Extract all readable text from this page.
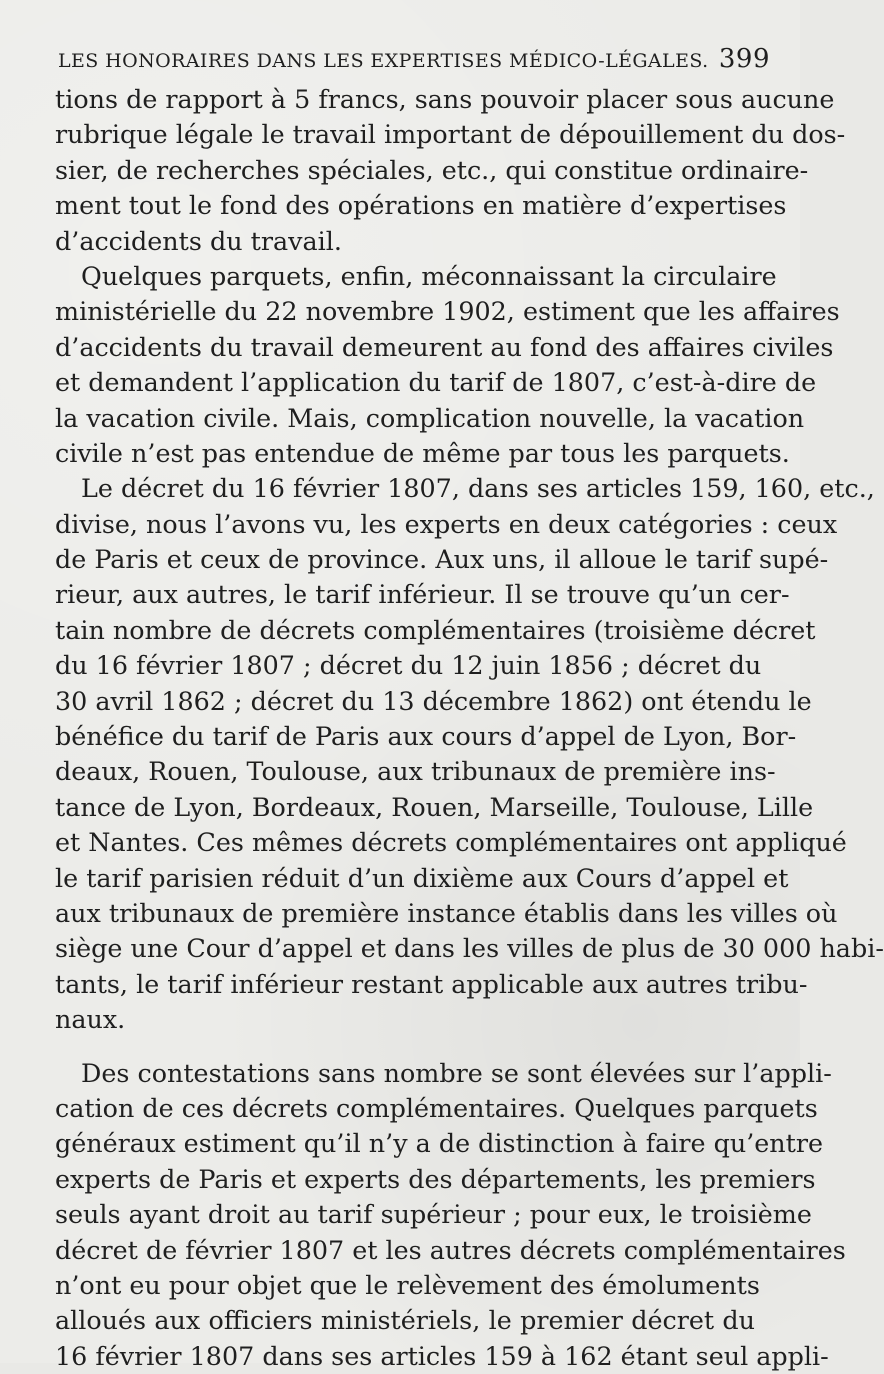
LES HONORAIRES DANS LES EXPERTISES MÉDICO-LÉGALES. 399
tions de rapport à 5 francs, sans pouvoir placer sous aucune
rubrique légale le travail important de dépouillement du dos-
sier, de recherches spéciales, etc., qui constitue ordinaire-
ment tout le fond des opérations en matière d’expertises
d’accidents du travail.
Quelques parquets, enfin, méconnaissant la circulaire
ministérielle du 22 novembre 1902, estiment que les affaires
d’accidents du travail demeurent au fond des affaires civiles
et demandent l’application du tarif de 1807, c’est-à-dire de
la vacation civile. Mais, complication nouvelle, la vacation
civile n’est pas entendue de même par tous les parquets.
Le décret du 16 février 1807, dans ses articles 159, 160, etc.,
divise, nous l’avons vu, les experts en deux catégories : ceux
de Paris et ceux de province. Aux uns, il alloue le tarif supé-
rieur, aux autres, le tarif inférieur. Il se trouve qu’un cer-
tain nombre de décrets complémentaires (troisième décret
du 16 février 1807 ; décret du 12 juin 1856 ; décret du
30 avril 1862 ; décret du 13 décembre 1862) ont étendu le
bénéfice du tarif de Paris aux cours d’appel de Lyon, Bor-
deaux, Rouen, Toulouse, aux tribunaux de première ins-
tance de Lyon, Bordeaux, Rouen, Marseille, Toulouse, Lille
et Nantes. Ces mêmes décrets complémentaires ont appliqué
le tarif parisien réduit d’un dixième aux Cours d’appel et
aux tribunaux de première instance établis dans les villes où
siège une Cour d’appel et dans les villes de plus de 30 000 habi-
tants, le tarif inférieur restant applicable aux autres tribu-
naux.
Des contestations sans nombre se sont élevées sur l’appli-
cation de ces décrets complémentaires. Quelques parquets
généraux estiment qu’il n’y a de distinction à faire qu’entre
experts de Paris et experts des départements, les premiers
seuls ayant droit au tarif supérieur ; pour eux, le troisième
décret de février 1807 et les autres décrets complémentaires
n’ont eu pour objet que le relèvement des émoluments
alloués aux officiers ministériels, le premier décret du
16 février 1807 dans ses articles 159 à 162 étant seul appli-
